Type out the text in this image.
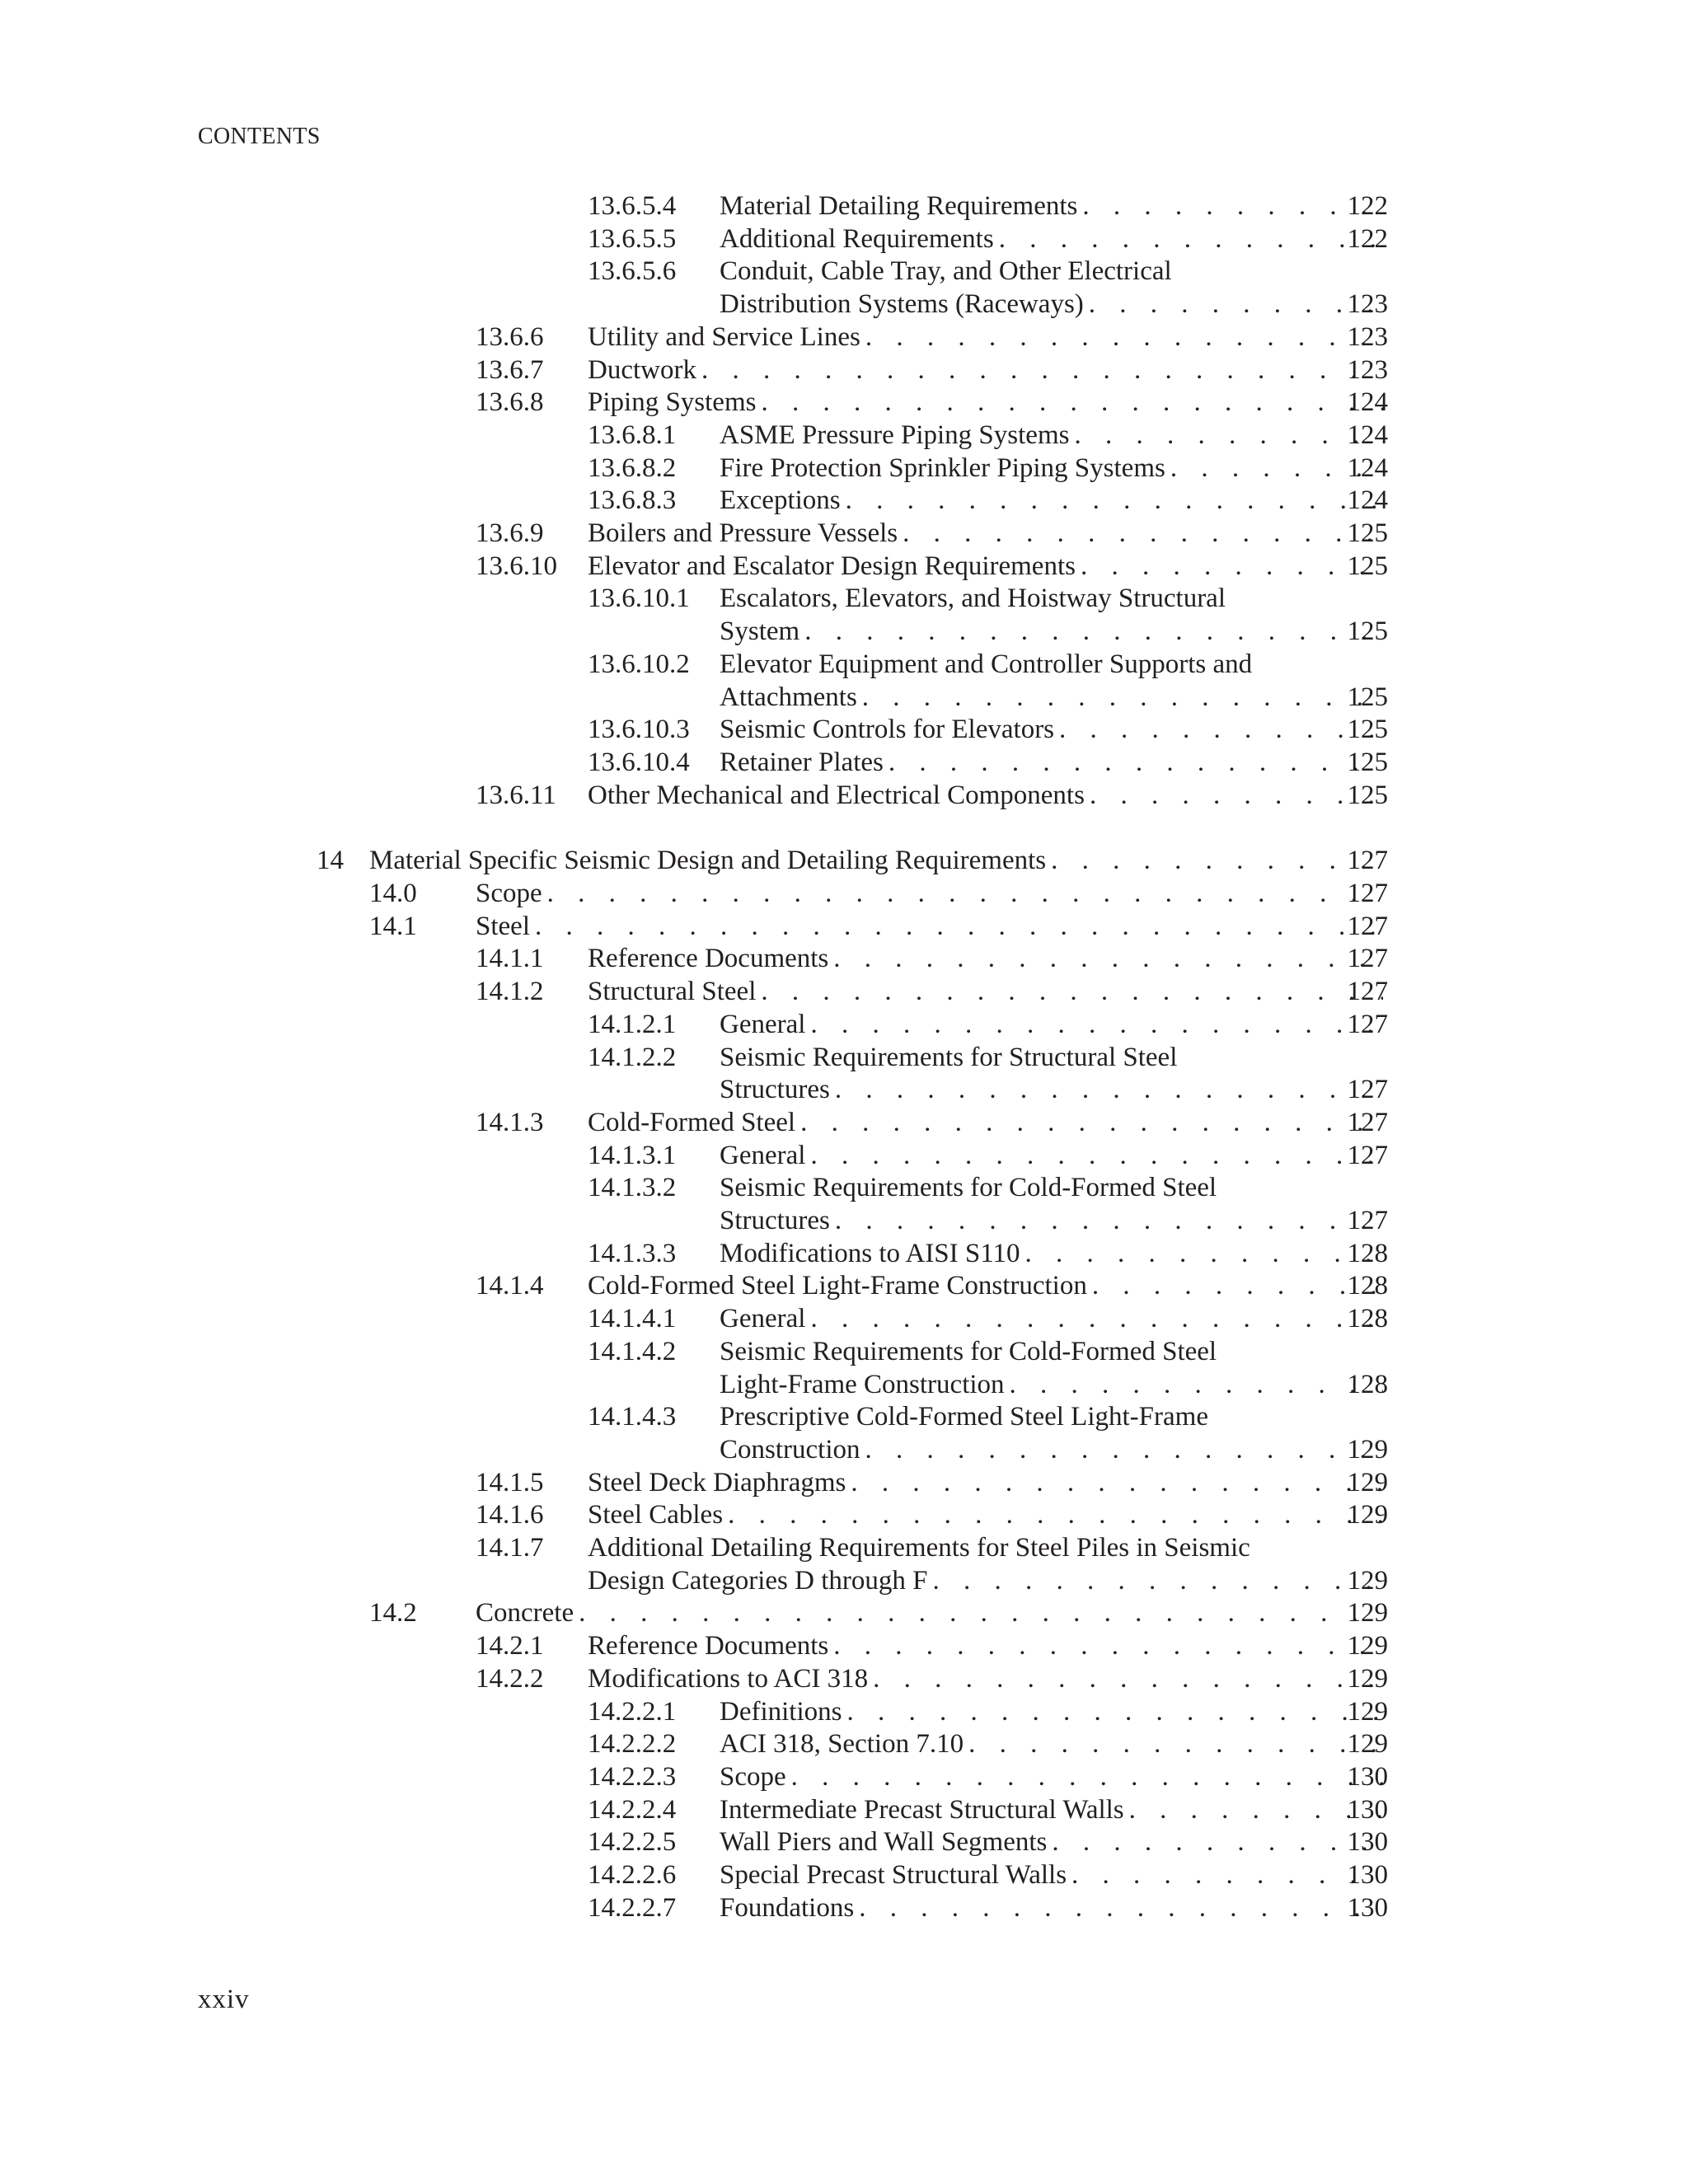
CONTENTS
13.6.5.4 Material Detailing Requirements . . .	122
13.6.5.5 Additional Requirements . . .	122
13.6.5.6 Conduit, Cable Tray, and Other Electrical
Distribution Systems (Raceways) . . .	123
13.6.6 Utility and Service Lines . . .	123
13.6.7 Ductwork . . .	123
13.6.8 Piping Systems . . .	124
13.6.8.1 ASME Pressure Piping Systems . . .	124
13.6.8.2 Fire Protection Sprinkler Piping Systems . . .	124
13.6.8.3 Exceptions . . .	124
13.6.9 Boilers and Pressure Vessels . . .	125
13.6.10 Elevator and Escalator Design Requirements . . .	125
13.6.10.1 Escalators, Elevators, and Hoistway Structural
System . . .	125
13.6.10.2 Elevator Equipment and Controller Supports and
Attachments . . .	125
13.6.10.3 Seismic Controls for Elevators . . .	125
13.6.10.4 Retainer Plates . . .	125
13.6.11 Other Mechanical and Electrical Components . . .	125
14 Material Specific Seismic Design and Detailing Requirements . . .	127
14.0 Scope . . .	127
14.1 Steel . . .	127
14.1.1 Reference Documents . . .	127
14.1.2 Structural Steel . . .	127
14.1.2.1 General . . .	127
14.1.2.2 Seismic Requirements for Structural Steel
Structures . . .	127
14.1.3 Cold-Formed Steel . . .	127
14.1.3.1 General . . .	127
14.1.3.2 Seismic Requirements for Cold-Formed Steel
Structures . . .	127
14.1.3.3 Modifications to AISI S110 . . .	128
14.1.4 Cold-Formed Steel Light-Frame Construction . . .	128
14.1.4.1 General . . .	128
14.1.4.2 Seismic Requirements for Cold-Formed Steel
Light-Frame Construction . . .	128
14.1.4.3 Prescriptive Cold-Formed Steel Light-Frame
Construction . . .	129
14.1.5 Steel Deck Diaphragms . . .	129
14.1.6 Steel Cables . . .	129
14.1.7 Additional Detailing Requirements for Steel Piles in Seismic
Design Categories D through F . . .	129
14.2 Concrete . . .	129
14.2.1 Reference Documents . . .	129
14.2.2 Modifications to ACI 318 . . .	129
14.2.2.1 Definitions . . .	129
14.2.2.2 ACI 318, Section 7.10 . . .	129
14.2.2.3 Scope . . .	130
14.2.2.4 Intermediate Precast Structural Walls . . .	130
14.2.2.5 Wall Piers and Wall Segments . . .	130
14.2.2.6 Special Precast Structural Walls . . .	130
14.2.2.7 Foundations . . .	130
xxiv
